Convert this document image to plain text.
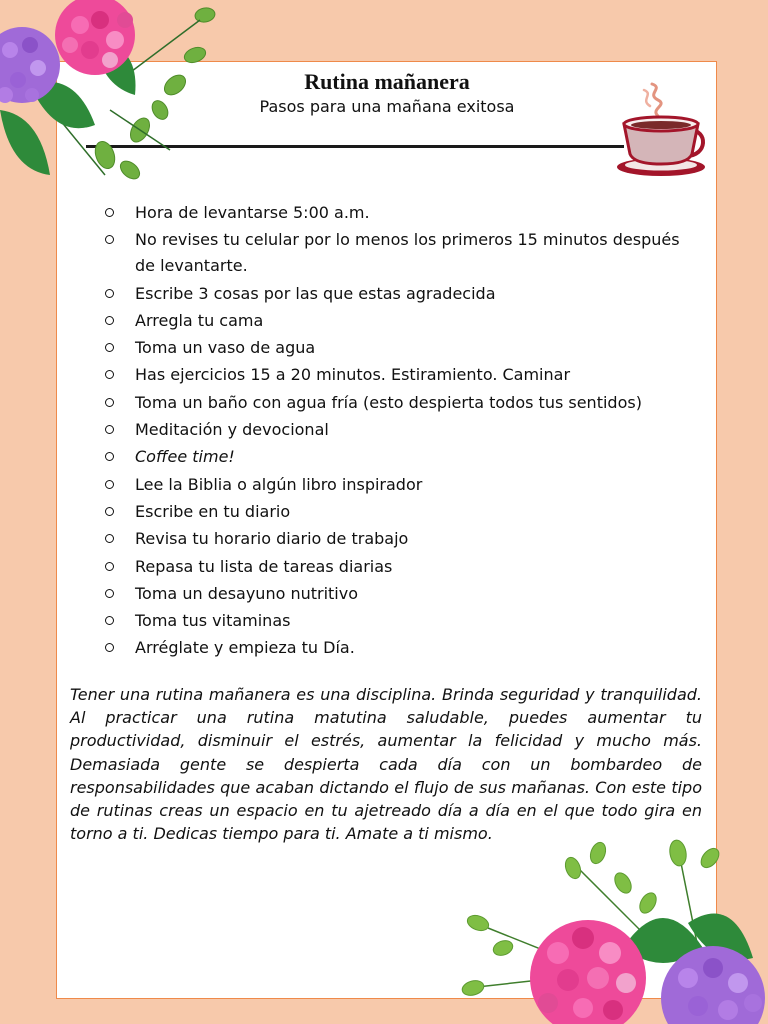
Rutina mañanera

Pasos para una mañana exitosa

Hora de levantarse 5:00 a.m.
No revises tu celular por lo menos los primeros 15 minutos después de levantarte.
Escribe 3 cosas por las que estas agradecida
Arregla tu cama
Toma un vaso de agua
Has ejercicios 15 a 20 minutos. Estiramiento. Caminar
Toma un baño con agua fría (esto despierta todos tus sentidos)
Meditación y devocional
Coffee time!
Lee la Biblia o algún libro inspirador
Escribe en tu diario
Revisa tu horario diario de trabajo
Repasa tu lista de tareas diarias
Toma un desayuno nutritivo
Toma tus vitaminas
Arréglate y empieza tu Día.

Tener una rutina mañanera es una disciplina. Brinda seguridad y tranquilidad. Al practicar una rutina matutina saludable, puedes aumentar tu productividad, disminuir el estrés, aumentar la felicidad y mucho más. Demasiada gente se despierta cada día con un bombardeo de responsabilidades que acaban dictando el flujo de sus mañanas. Con este tipo de rutinas creas un espacio en tu ajetreado día a día en el que todo gira en torno a ti. Dedicas tiempo para ti. Amate a ti mismo.
